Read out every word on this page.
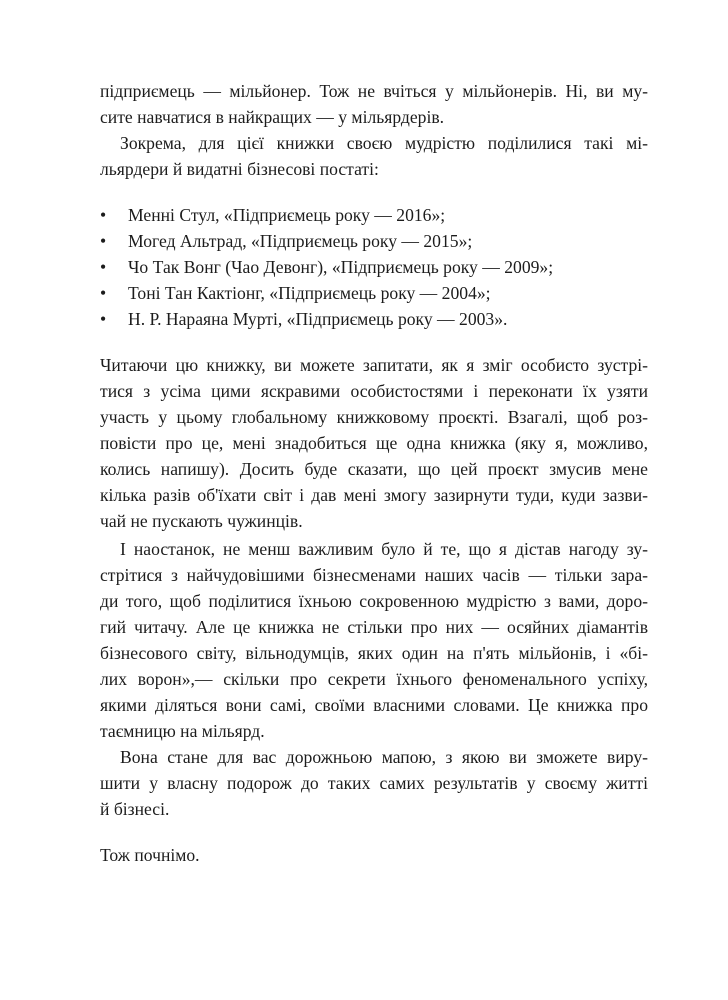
підприємець — мільйонер. Тож не вчіться у мільйонерів. Ні, ви му-
сите навчатися в найкращих — у мільярдерів.
Зокрема, для цієї книжки своєю мудрістю поділилися такі мі-
льярдери й видатні бізнесові постаті:
• Менні Стул, «Підприємець року — 2016»;
• Могед Альтрад, «Підприємець року — 2015»;
• Чо Так Вонг (Чао Девонг), «Підприємець року — 2009»;
• Тоні Тан Кактіонг, «Підприємець року — 2004»;
• Н. Р. Нараяна Мурті, «Підприємець року — 2003».
Читаючи цю книжку, ви можете запитати, як я зміг особисто зустрі-
тися з усіма цими яскравими особистостями і переконати їх узяти
участь у цьому глобальному книжковому проєкті. Взагалі, щоб роз-
повісти про це, мені знадобиться ще одна книжка (яку я, можливо,
колись напишу). Досить буде сказати, що цей проєкт змусив мене
кілька разів об'їхати світ і дав мені змогу зазирнути туди, куди зазви-
чай не пускають чужинців.
І наостанок, не менш важливим було й те, що я дістав нагоду зу-
стрітися з найчудовішими бізнесменами наших часів — тільки зара-
ди того, щоб поділитися їхньою сокровенною мудрістю з вами, доро-
гий читачу. Але це книжка не стільки про них — осяйних діамантів
бізнесового світу, вільнодумців, яких один на п'ять мільйонів, і «бі-
лих ворон»,— скільки про секрети їхнього феноменального успіху,
якими діляться вони самі, своїми власними словами. Це книжка про
таємницю на мільярд.
Вона стане для вас дорожньою мапою, з якою ви зможете виру-
шити у власну подорож до таких самих результатів у своєму житті
й бізнесі.
Тож почнімо.
